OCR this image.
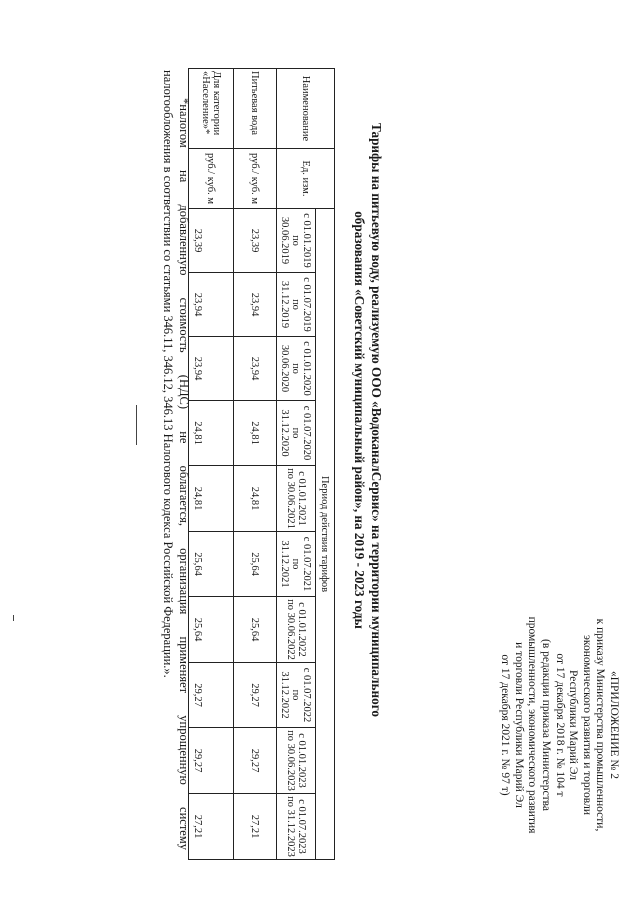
«ПРИЛОЖЕНИЕ № 2
к приказу Министерства промышленности,
экономического развития и торговли
Республики Марий Эл
от 17 декабря 2018 г. № 104 т
(в редакции приказа Министерства
промышленности, экономического развития
и торговли Республики Марий Эл
от 17 декабря 2021 г. № 97 т)
Тарифы на питьевую воду, реализуемую ООО «ВодоканалСервис» на территории муниципального
образования «Советский муниципальный район», на 2019 - 2023 годы
Наименование	Ед. изм.	Период действия тарифов									
		с 01.01.2019 по 30.06.2019	с 01.07.2019 по 31.12.2019	с 01.01.2020 по 30.06.2020	с 01.07.2020 по 31.12.2020	с 01.01.2021 по 30.06.2021	с 01.07.2021 по 31.12.2021	с 01.01.2022 по 30.06.2022	с 01.07.2022 по 31.12.2022	с 01.01.2023 по 30.06.2023	с 01.07.2023 по 31.12.2023
Питьевая вода	руб./ куб. м	23,39	23,94	23,94	24,81	24,81	25,64	25,64	29,27	29,27	27,21
Для категории «Население»*	руб./ куб. м	23,39	23,94	23,94	24,81	24,81	25,64	25,64	29,27	29,27	27,21
*налогом на добавленную стоимость (НДС) не облагается, организация применяет упрощенную систему
налогообложения в соответствии со статьями 346.11, 346.12, 346.13 Налогового кодекса Российской Федерации.».
